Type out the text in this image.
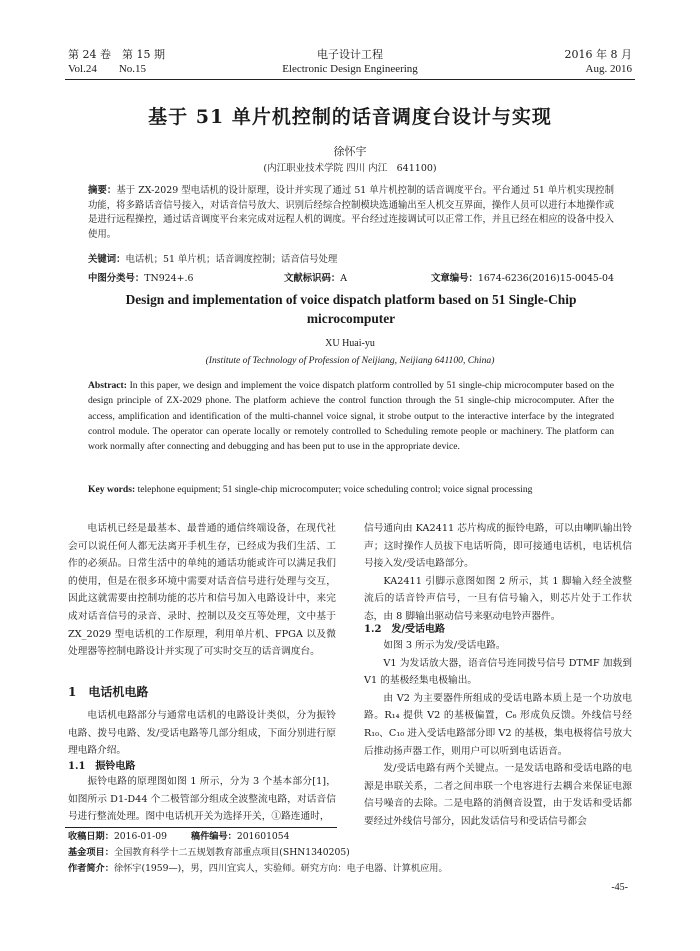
第 24 卷　第 15 期
Vol.24　　No.15
电子设计工程
Electronic Design Engineering
2016 年 8 月
Aug. 2016
基于 51 单片机控制的话音调度台设计与实现
徐怀宇
(内江职业技术学院 四川 内江　641100)
摘要：基于 ZX-2029 型电话机的设计原理，设计并实现了通过 51 单片机控制的话音调度平台。平台通过 51 单片机实现控制功能，将多路话音信号接入，对话音信号放大、识别后经综合控制模块选通输出至人机交互界面，操作人员可以进行本地操作或是进行远程操控，通过话音调度平台来完成对远程人机的调度。平台经过连接调试可以正常工作，并且已经在相应的设备中投入使用。
关键词：电话机；51 单片机；话音调度控制；话音信号处理
中图分类号：TN924+.6	文献标识码：A	文章编号：1674-6236(2016)15-0045-04
Design and implementation of voice dispatch platform based on 51 Single-Chip microcomputer
XU Huai-yu
(Institute of Technology of Profession of Neijiang, Neijiang 641100, China)
Abstract: In this paper, we design and implement the voice dispatch platform controlled by 51 single-chip microcomputer based on the design principle of ZX-2029 phone. The platform achieve the control function through the 51 single-chip microcomputer. After the access, amplification and identification of the multi-channel voice signal, it strobe output to the interactive interface by the integrated control module. The operator can operate locally or remotely controlled to Scheduling remote people or machinery. The platform can work normally after connecting and debugging and has been put to use in the appropriate device.
Key words: telephone equipment; 51 single-chip microcomputer; voice scheduling control; voice signal processing

电话机已经是最基本、最普通的通信终端设备，在现代社会可以说任何人都无法离开手机生存，已经成为我们生活、工作的必须品。日常生活中的单纯的通话功能或许可以满足我们的使用，但是在很多环境中需要对话音信号进行处理与交互，因此这就需要由控制功能的芯片和信号加入电路设计中，来完成对话音信号的录音、录时、控制以及交互等处理，文中基于 ZX_2029 型电话机的工作原理，利用单片机、FPGA 以及微处理器等控制电路设计并实现了可实时交互的话音调度台。

1　电话机电路

电话机电路部分与通常电话机的电路设计类似，分为振铃电路、拨号电路、发/受话电路等几部分组成，下面分别进行原理电路介绍。

1.1　振铃电路

振铃电路的原理图如图 1 所示，分为 3 个基本部分[1]，如图所示 D1-D44 个二极管部分组成全波整流电路，对话音信号进行整流处理。图中电话机开关为选择开关，①路连通时，

信号通向由 KA2411 芯片构成的振铃电路，可以由喇叭输出铃声；这时操作人员拔下电话听筒，即可接通电话机，电话机信号接入发/受话电路部分。

KA2411 引脚示意图如图 2 所示，其 1 脚输入经全波整流后的话音铃声信号，一旦有信号输入，则芯片处于工作状态，由 8 脚输出驱动信号来驱动电铃声器件。

1.2　发/受话电路

如图 3 所示为发/受话电路。

V1 为发话放大器，语音信号连同拨号信号 DTMF 加载到 V1 的基极经集电极输出。

由 V2 为主要器件所组成的受话电路本质上是一个功放电路。R₁₄ 提供 V2 的基极偏置，C₆ 形成负反馈。外线信号经 R₁₀、C₁₀ 进入受话电路部分即 V2 的基极，集电极将信号放大后推动扬声器工作，则用户可以听到电话语音。

发/受话电路有两个关键点。一是发话电路和受话电路的电源是串联关系，二者之间串联一个电容进行去耦合来保证电源信号噪音的去除。二是电路的消侧音设置，由于发话和受话都要经过外线信号部分，因此发话信号和受话信号都会

收稿日期：2016-01-09	稿件编号：201601054
基金项目：全国教育科学十二五规划教育部重点项目(SHN1340205)
作者简介：徐怀宇(1959—)，男，四川宜宾人，实验师。研究方向：电子电器、计算机应用。
-45-
